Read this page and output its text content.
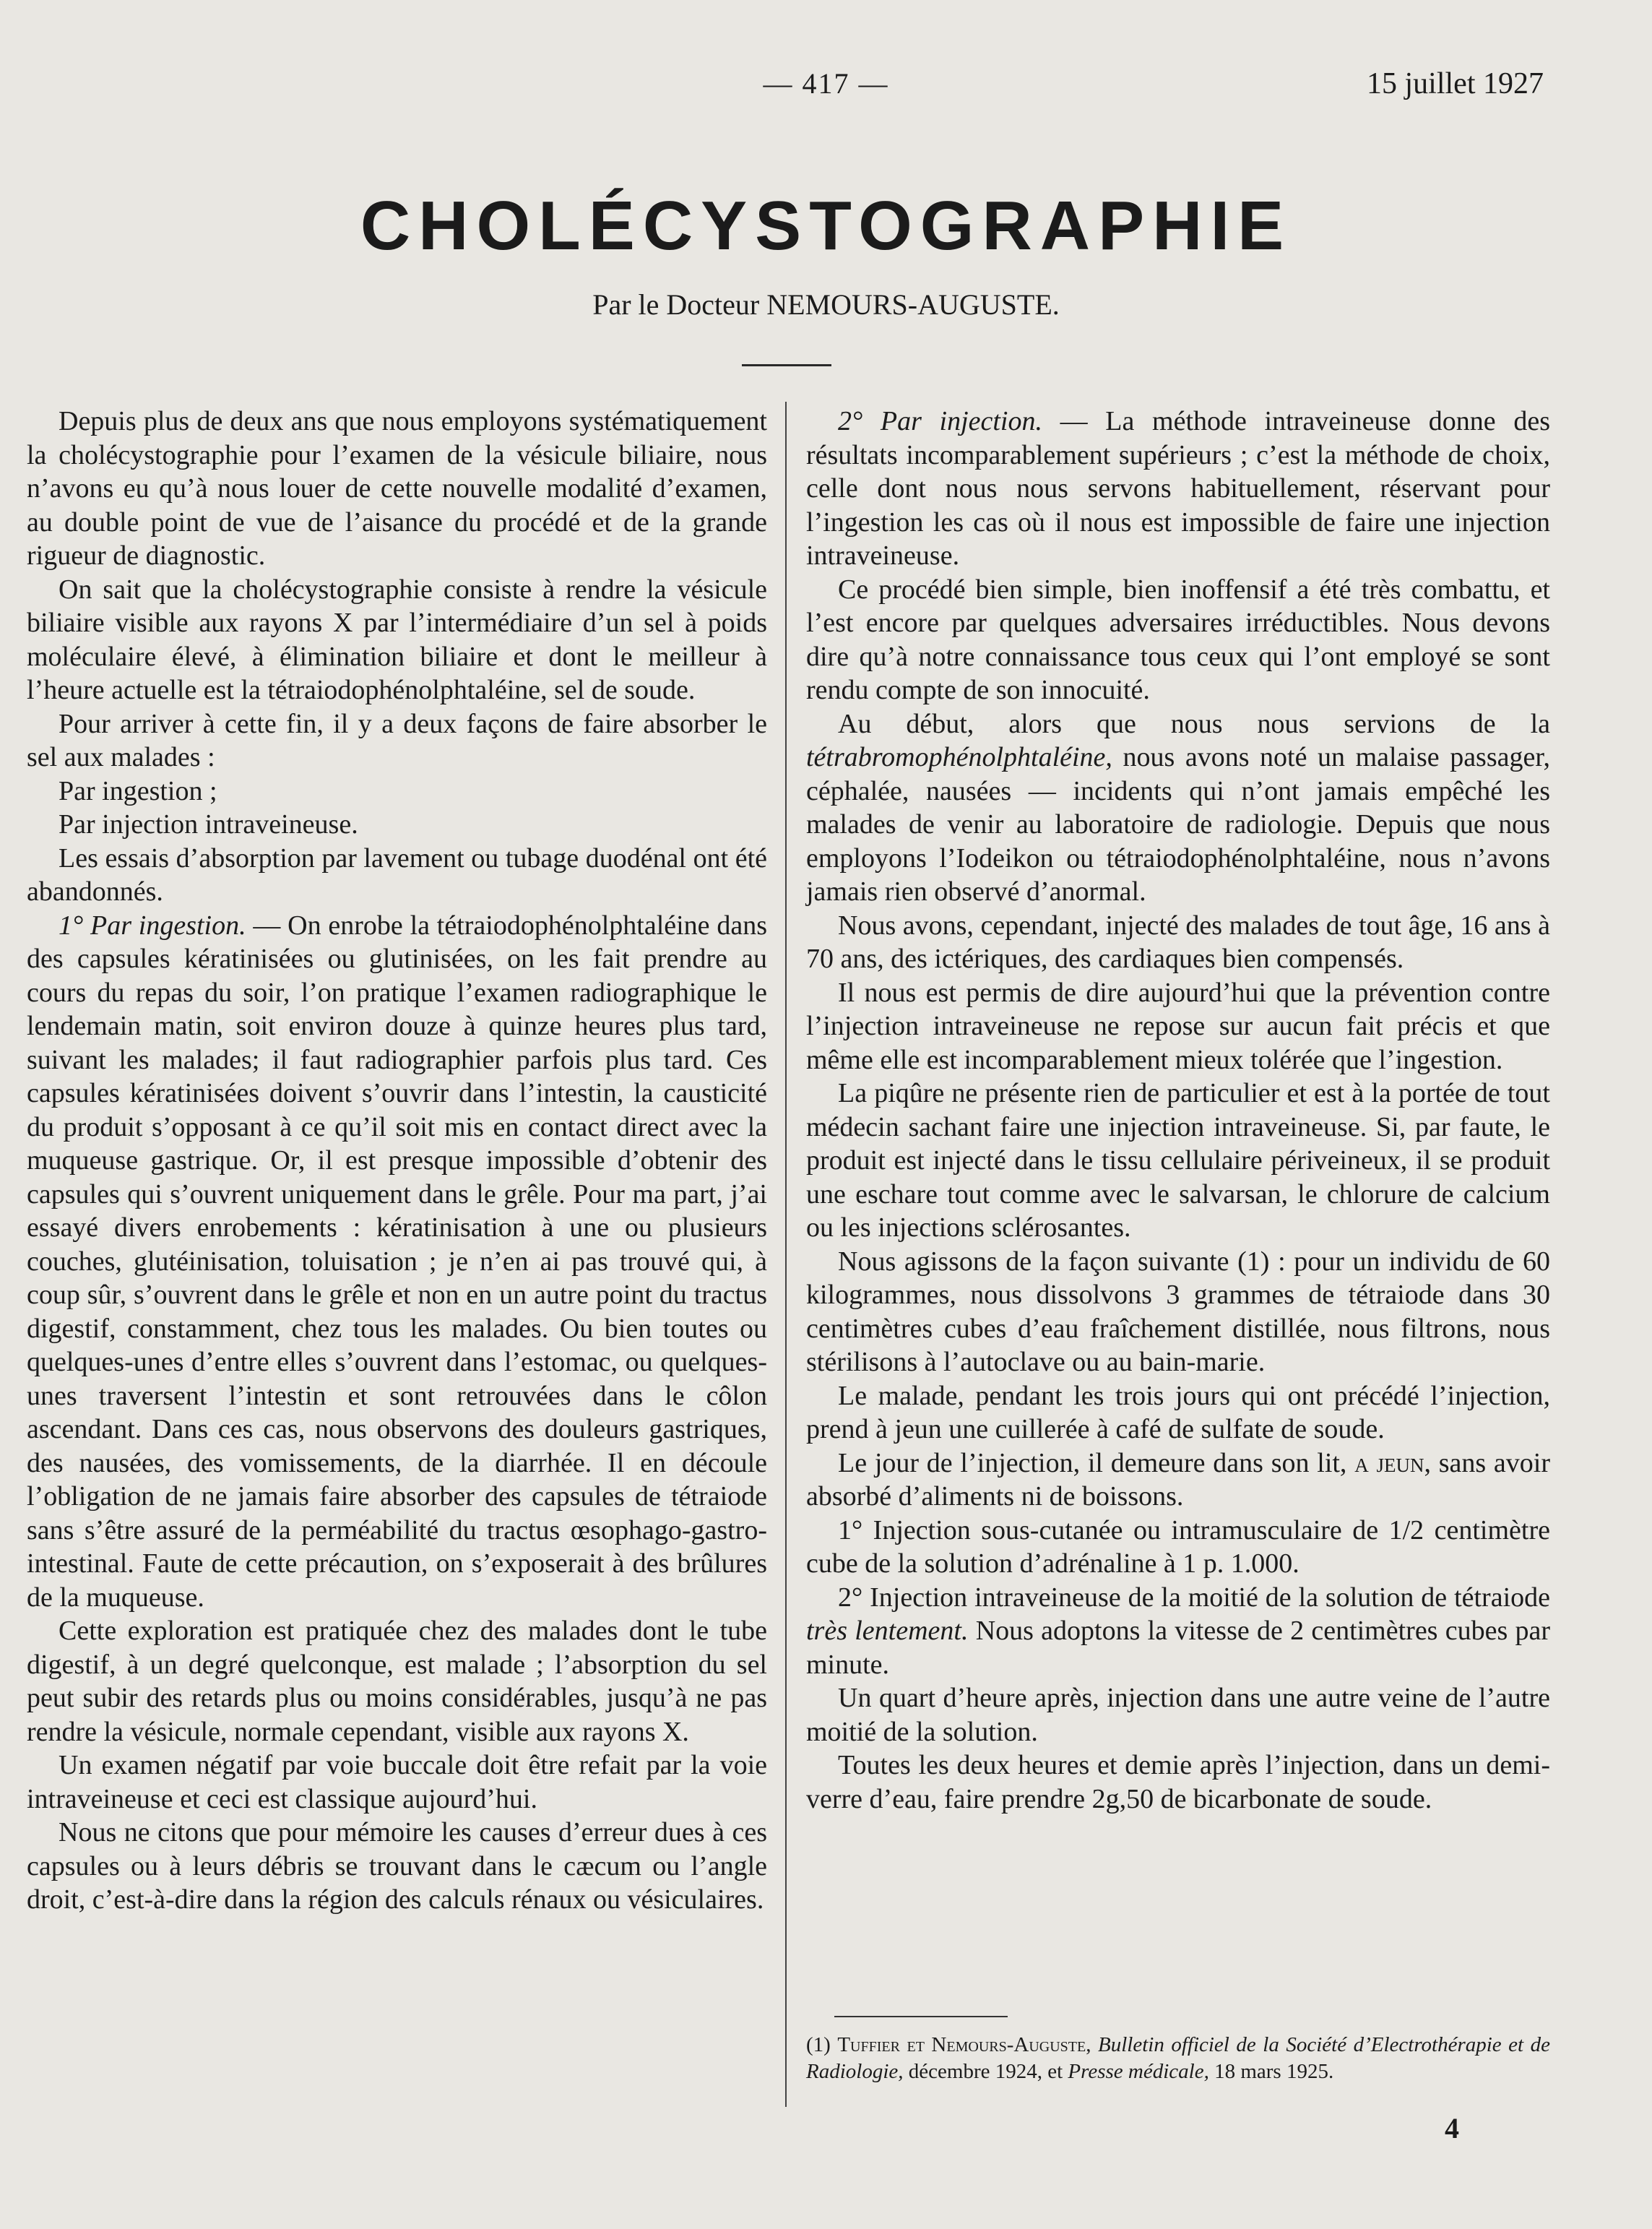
— 417 —	15 juillet 1927
CHOLÉCYSTOGRAPHIE
Par le Docteur NEMOURS-AUGUSTE.

Depuis plus de deux ans que nous employons systématiquement la cholécystographie pour l’examen de la vésicule biliaire, nous n’avons eu qu’à nous louer de cette nouvelle modalité d’examen, au double point de vue de l’aisance du procédé et de la grande rigueur de diagnostic.

On sait que la cholécystographie consiste à rendre la vésicule biliaire visible aux rayons X par l’intermédiaire d’un sel à poids moléculaire élevé, à élimination biliaire et dont le meilleur à l’heure actuelle est la tétraiodophénolphtaléine, sel de soude.

Pour arriver à cette fin, il y a deux façons de faire absorber le sel aux malades :

Par ingestion ;

Par injection intraveineuse.

Les essais d’absorption par lavement ou tubage duodénal ont été abandonnés.

1° Par ingestion. — On enrobe la tétraiodophénolphtaléine dans des capsules kératinisées ou glutinisées, on les fait prendre au cours du repas du soir, l’on pratique l’examen radiographique le lendemain matin, soit environ douze à quinze heures plus tard, suivant les malades; il faut radiographier parfois plus tard. Ces capsules kératinisées doivent s’ouvrir dans l’intestin, la causticité du produit s’opposant à ce qu’il soit mis en contact direct avec la muqueuse gastrique. Or, il est presque impossible d’obtenir des capsules qui s’ouvrent uniquement dans le grêle. Pour ma part, j’ai essayé divers enrobements : kératinisation à une ou plusieurs couches, glutéinisation, toluisation ; je n’en ai pas trouvé qui, à coup sûr, s’ouvrent dans le grêle et non en un autre point du tractus digestif, constamment, chez tous les malades. Ou bien toutes ou quelques-unes d’entre elles s’ouvrent dans l’estomac, ou quelques-unes traversent l’intestin et sont retrouvées dans le côlon ascendant. Dans ces cas, nous observons des douleurs gastriques, des nausées, des vomissements, de la diarrhée. Il en découle l’obligation de ne jamais faire absorber des capsules de tétraiode sans s’être assuré de la perméabilité du tractus œsophago-gastro-intestinal. Faute de cette précaution, on s’exposerait à des brûlures de la muqueuse.

Cette exploration est pratiquée chez des malades dont le tube digestif, à un degré quelconque, est malade ; l’absorption du sel peut subir des retards plus ou moins considérables, jusqu’à ne pas rendre la vésicule, normale cependant, visible aux rayons X.

Un examen négatif par voie buccale doit être refait par la voie intraveineuse et ceci est classique aujourd’hui.

Nous ne citons que pour mémoire les causes d’erreur dues à ces capsules ou à leurs débris se trouvant dans le cæcum ou l’angle droit, c’est-à-dire dans la région des calculs rénaux ou vésiculaires.

2° Par injection. — La méthode intraveineuse donne des résultats incomparablement supérieurs ; c’est la méthode de choix, celle dont nous nous servons habituellement, réservant pour l’ingestion les cas où il nous est impossible de faire une injection intraveineuse.

Ce procédé bien simple, bien inoffensif a été très combattu, et l’est encore par quelques adversaires irréductibles. Nous devons dire qu’à notre connaissance tous ceux qui l’ont employé se sont rendu compte de son innocuité.

Au début, alors que nous nous servions de la tétrabromophénolphtaléine, nous avons noté un malaise passager, céphalée, nausées — incidents qui n’ont jamais empêché les malades de venir au laboratoire de radiologie. Depuis que nous employons l’Iodeikon ou tétraiodophénolphtaléine, nous n’avons jamais rien observé d’anormal.

Nous avons, cependant, injecté des malades de tout âge, 16 ans à 70 ans, des ictériques, des cardiaques bien compensés.

Il nous est permis de dire aujourd’hui que la prévention contre l’injection intraveineuse ne repose sur aucun fait précis et que même elle est incomparablement mieux tolérée que l’ingestion.

La piqûre ne présente rien de particulier et est à la portée de tout médecin sachant faire une injection intraveineuse. Si, par faute, le produit est injecté dans le tissu cellulaire périveineux, il se produit une eschare tout comme avec le salvarsan, le chlorure de calcium ou les injections sclérosantes.

Nous agissons de la façon suivante (1) : pour un individu de 60 kilogrammes, nous dissolvons 3 grammes de tétraiode dans 30 centimètres cubes d’eau fraîchement distillée, nous filtrons, nous stérilisons à l’autoclave ou au bain-marie.

Le malade, pendant les trois jours qui ont précédé l’injection, prend à jeun une cuillerée à café de sulfate de soude.

Le jour de l’injection, il demeure dans son lit, a jeun, sans avoir absorbé d’aliments ni de boissons.

1° Injection sous-cutanée ou intramusculaire de 1/2 centimètre cube de la solution d’adrénaline à 1 p. 1.000.

2° Injection intraveineuse de la moitié de la solution de tétraiode très lentement. Nous adoptons la vitesse de 2 centimètres cubes par minute.

Un quart d’heure après, injection dans une autre veine de l’autre moitié de la solution.

Toutes les deux heures et demie après l’injection, dans un demi-verre d’eau, faire prendre 2g,50 de bicarbonate de soude.

(1) Tuffier et Nemours-Auguste, Bulletin officiel de la Société d’Electrothérapie et de Radiologie, décembre 1924, et Presse médicale, 18 mars 1925.
4
